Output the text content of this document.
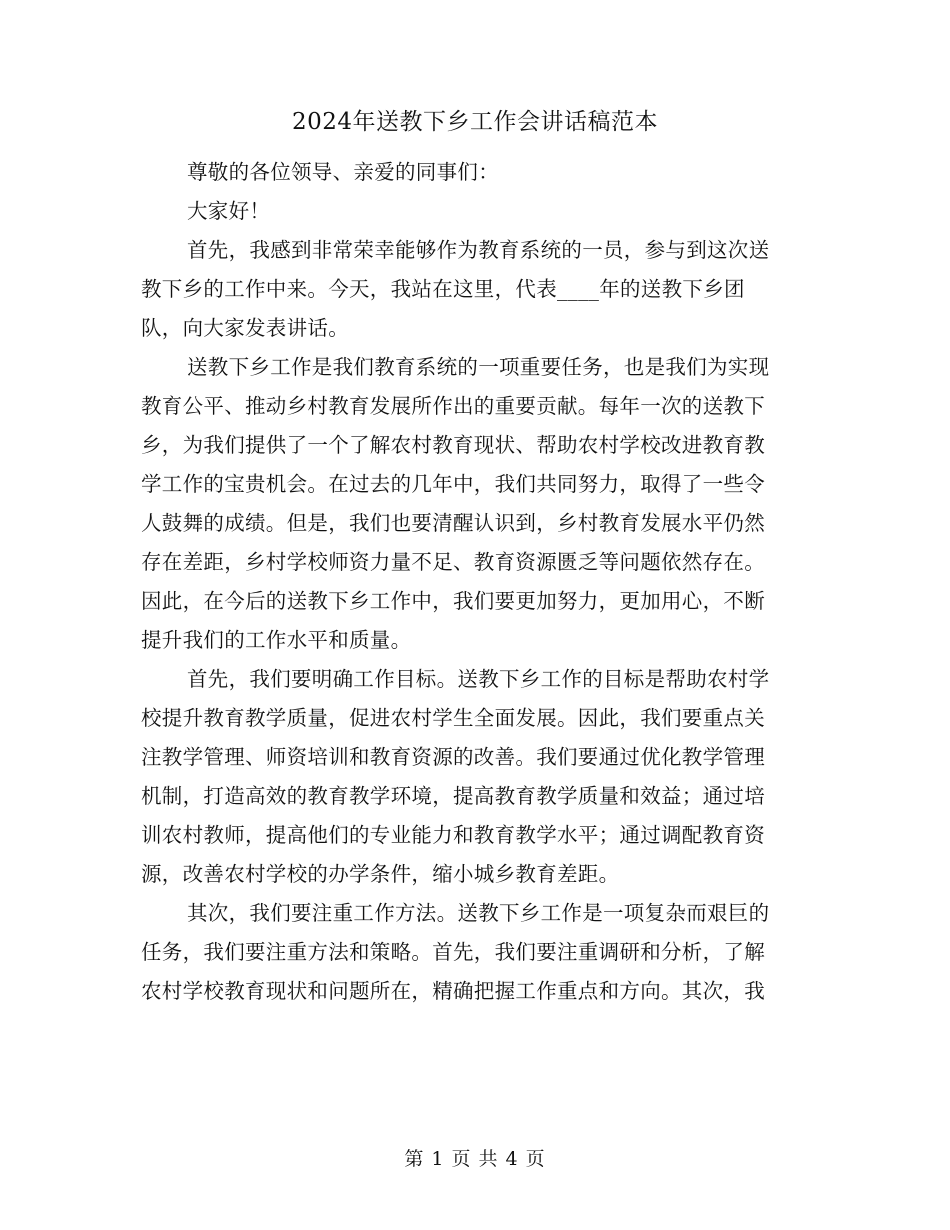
2024年送教下乡工作会讲话稿范本
尊敬的各位领导、亲爱的同事们：
大家好！
首先，我感到非常荣幸能够作为教育系统的一员，参与到这次送
教下乡的工作中来。今天，我站在这里，代表____年的送教下乡团
队，向大家发表讲话。
送教下乡工作是我们教育系统的一项重要任务，也是我们为实现
教育公平、推动乡村教育发展所作出的重要贡献。每年一次的送教下
乡，为我们提供了一个了解农村教育现状、帮助农村学校改进教育教
学工作的宝贵机会。在过去的几年中，我们共同努力，取得了一些令
人鼓舞的成绩。但是，我们也要清醒认识到，乡村教育发展水平仍然
存在差距，乡村学校师资力量不足、教育资源匮乏等问题依然存在。
因此，在今后的送教下乡工作中，我们要更加努力，更加用心，不断
提升我们的工作水平和质量。
首先，我们要明确工作目标。送教下乡工作的目标是帮助农村学
校提升教育教学质量，促进农村学生全面发展。因此，我们要重点关
注教学管理、师资培训和教育资源的改善。我们要通过优化教学管理
机制，打造高效的教育教学环境，提高教育教学质量和效益；通过培
训农村教师，提高他们的专业能力和教育教学水平；通过调配教育资
源，改善农村学校的办学条件，缩小城乡教育差距。
其次，我们要注重工作方法。送教下乡工作是一项复杂而艰巨的
任务，我们要注重方法和策略。首先，我们要注重调研和分析，了解
农村学校教育现状和问题所在，精确把握工作重点和方向。其次，我
第 1 页 共 4 页
